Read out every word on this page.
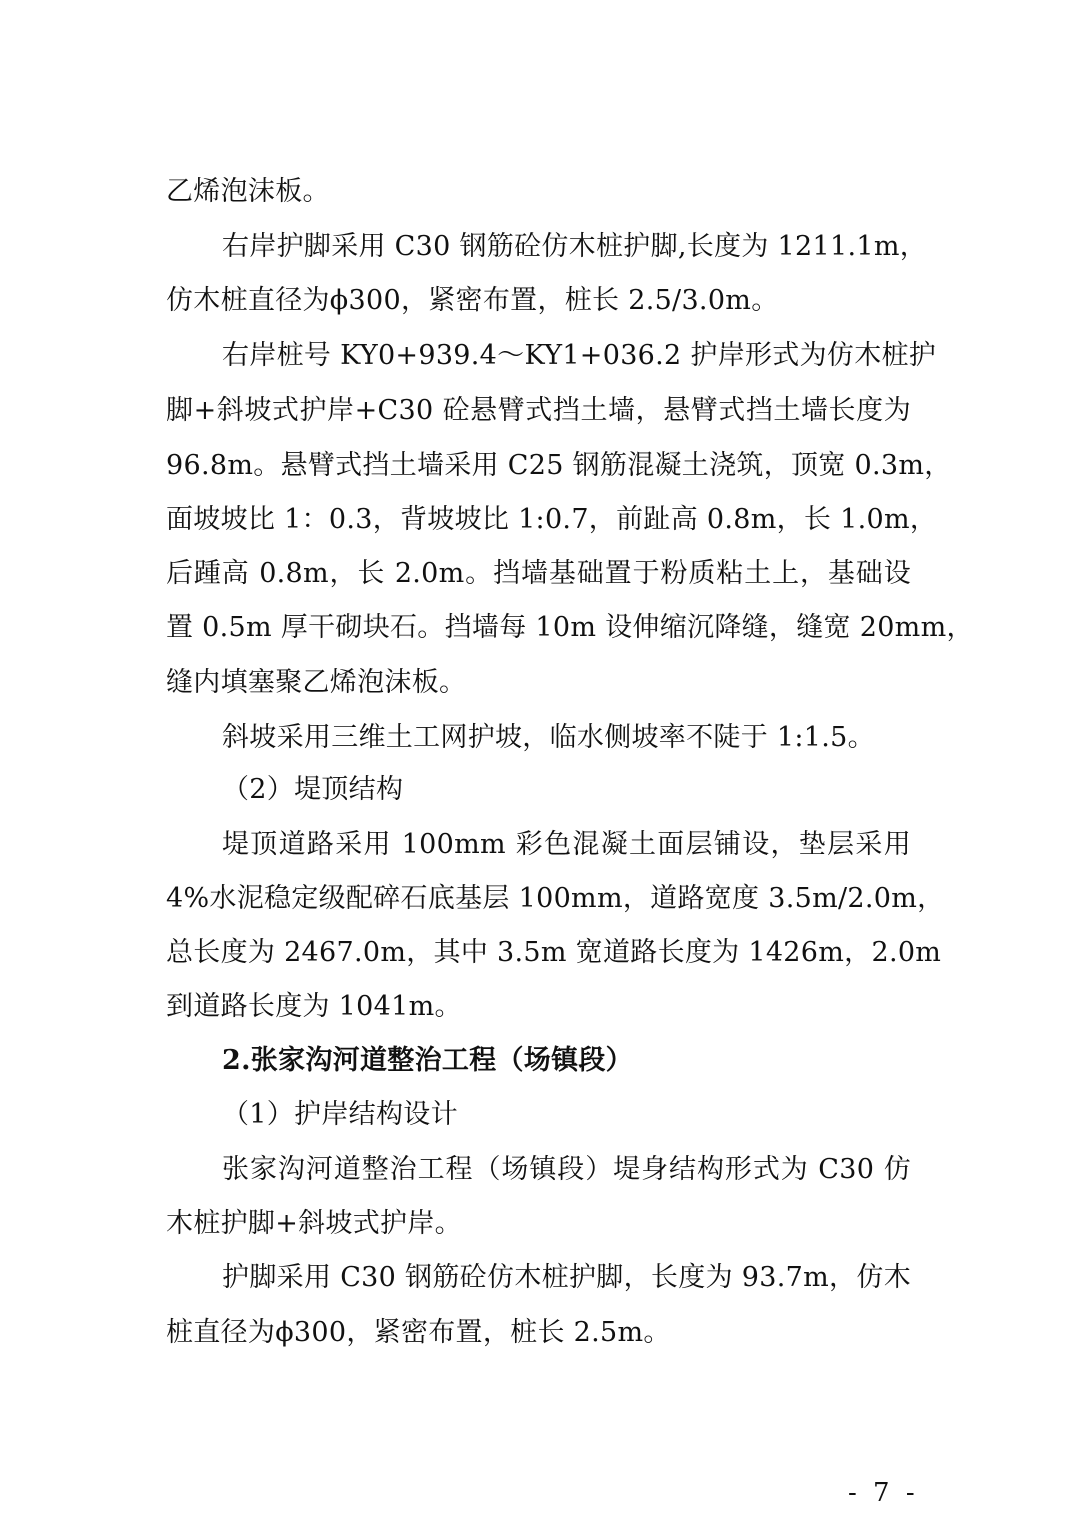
乙烯泡沫板。
右岸护脚采用 C30 钢筋砼仿木桩护脚,长度为 1211.1m，
仿木桩直径为ϕ300，紧密布置，桩长 2.5/3.0m。
右岸桩号 KY0+939.4～KY1+036.2 护岸形式为仿木桩护
脚+斜坡式护岸+C30 砼悬臂式挡土墙，悬臂式挡土墙长度为
96.8m。悬臂式挡土墙采用 C25 钢筋混凝土浇筑，顶宽 0.3m，
面坡坡比 1：0.3，背坡坡比 1:0.7，前趾高 0.8m，长 1.0m，
后踵高 0.8m，长 2.0m。挡墙基础置于粉质粘土上，基础设
置 0.5m 厚干砌块石。挡墙每 10m 设伸缩沉降缝，缝宽 20mm，
缝内填塞聚乙烯泡沫板。
斜坡采用三维土工网护坡，临水侧坡率不陡于 1:1.5。
（2）堤顶结构
堤顶道路采用 100mm 彩色混凝土面层铺设，垫层采用
4%水泥稳定级配碎石底基层 100mm，道路宽度 3.5m/2.0m，
总长度为 2467.0m，其中 3.5m 宽道路长度为 1426m，2.0m
到道路长度为 1041m。
2.张家沟河道整治工程（场镇段）
（1）护岸结构设计
张家沟河道整治工程（场镇段）堤身结构形式为 C30 仿
木桩护脚+斜坡式护岸。
护脚采用 C30 钢筋砼仿木桩护脚，长度为 93.7m，仿木
桩直径为ϕ300，紧密布置，桩长 2.5m。
- 7 -
